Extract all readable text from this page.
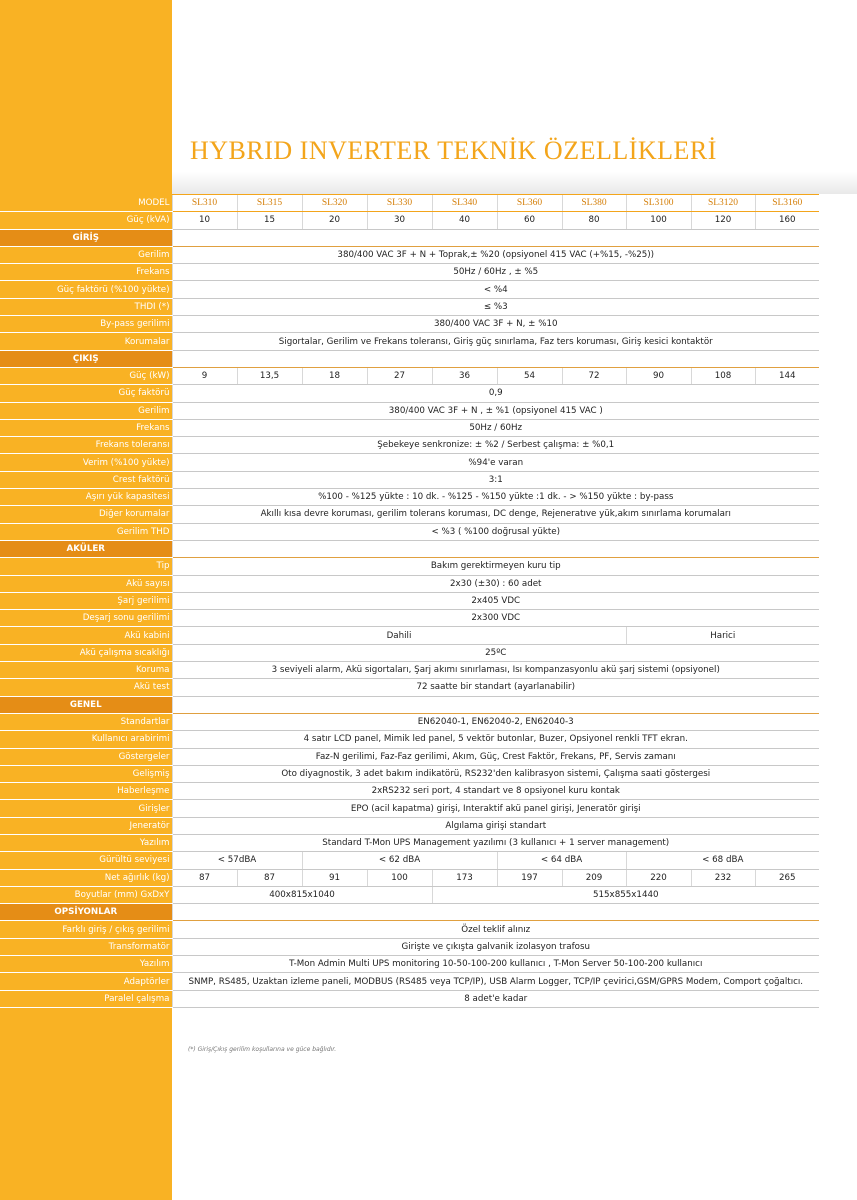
HYBRID INVERTER TEKNİK ÖZELLİKLERİ
MODEL	SL310	SL315	SL320	SL330	SL340	SL360	SL380	SL3100	SL3120	SL3160
Güç (kVA)	10	15	20	30	40	60	80	100	120	160
GİRİŞ										
Gerilim	380/400 VAC 3F + N + Toprak,± %20 (opsiyonel 415 VAC (+%15, -%25))									
Frekans	50Hz / 60Hz , ± %5									
Güç faktörü (%100 yükte)	< %4									
THDI (*)	≤ %3									
By-pass gerilimi	380/400 VAC 3F + N, ± %10									
Korumalar	Sigortalar, Gerilim ve Frekans toleransı, Giriş güç sınırlama, Faz ters koruması, Giriş kesici kontaktör									
ÇIKIŞ										
Güç (kW)	9	13,5	18	27	36	54	72	90	108	144
Güç faktörü	0,9									
Gerilim	380/400 VAC 3F + N , ± %1 (opsiyonel 415 VAC )									
Frekans	50Hz / 60Hz									
Frekans toleransı	Şebekeye senkronize: ± %2 / Serbest çalışma: ± %0,1									
Verim (%100 yükte)	%94'e varan									
Crest faktörü	3:1									
Aşırı yük kapasitesi	%100 - %125 yükte : 10 dk. - %125 - %150 yükte :1 dk. - > %150 yükte : by-pass									
Diğer korumalar	Akıllı kısa devre koruması, gerilim tolerans koruması, DC denge, Rejeneratıve yük,akım sınırlama korumaları									
Gerilim THD	< %3 ( %100 doğrusal yükte)									
AKÜLER										
Tip	Bakım gerektirmeyen kuru tip									
Akü sayısı	2x30 (±30) : 60 adet									
Şarj gerilimi	2x405 VDC									
Deşarj sonu gerilimi	2x300 VDC									
Akü kabini	Dahili							Harici		
Akü çalışma sıcaklığı	25ºC									
Koruma	3 seviyeli alarm, Akü sigortaları, Şarj akımı sınırlaması, Isı kompanzasyonlu akü şarj sistemi (opsiyonel)									
Akü test	72 saatte bir standart (ayarlanabilir)									
GENEL										
Standartlar	EN62040-1, EN62040-2, EN62040-3									
Kullanıcı arabirimi	4 satır LCD panel, Mimik led panel, 5 vektör butonlar, Buzer, Opsiyonel renkli TFT ekran.									
Göstergeler	Faz-N gerilimi, Faz-Faz gerilimi, Akım, Güç, Crest Faktör, Frekans, PF, Servis zamanı									
Gelişmiş	Oto diyagnostik, 3 adet bakım indikatörü, RS232'den kalibrasyon sistemi, Çalışma saati göstergesi									
Haberleşme	2xRS232 seri port, 4 standart ve 8 opsiyonel kuru kontak									
Girişler	EPO (acil kapatma) girişi, Interaktif akü panel girişi, Jeneratör girişi									
Jeneratör	Algılama girişi standart									
Yazılım	Standard T-Mon UPS Management yazılımı (3 kullanıcı + 1 server management)									
Gürültü seviyesi	< 57dBA		< 62 dBA			< 64 dBA		< 68 dBA		
Net ağırlık (kg)	87	87	91	100	173	197	209	220	232	265
Boyutlar (mm) GxDxY	400x815x1040				515x855x1440					
OPSİYONLAR										
Farklı giriş / çıkış gerilimi	Özel teklif alınız									
Transformatör	Girişte ve çıkışta galvanik izolasyon trafosu									
Yazılım	T-Mon Admin Multi UPS monitoring 10-50-100-200 kullanıcı , T-Mon Server 50-100-200 kullanıcı									
Adaptörler	SNMP, RS485, Uzaktan izleme paneli, MODBUS (RS485 veya TCP/IP), USB Alarm Logger, TCP/IP çevirici,GSM/GPRS Modem, Comport çoğaltıcı.									
Paralel çalışma	8 adet'e kadar									
(*) Giriş/Çıkış gerilim koşullarına ve güce bağlıdır.
